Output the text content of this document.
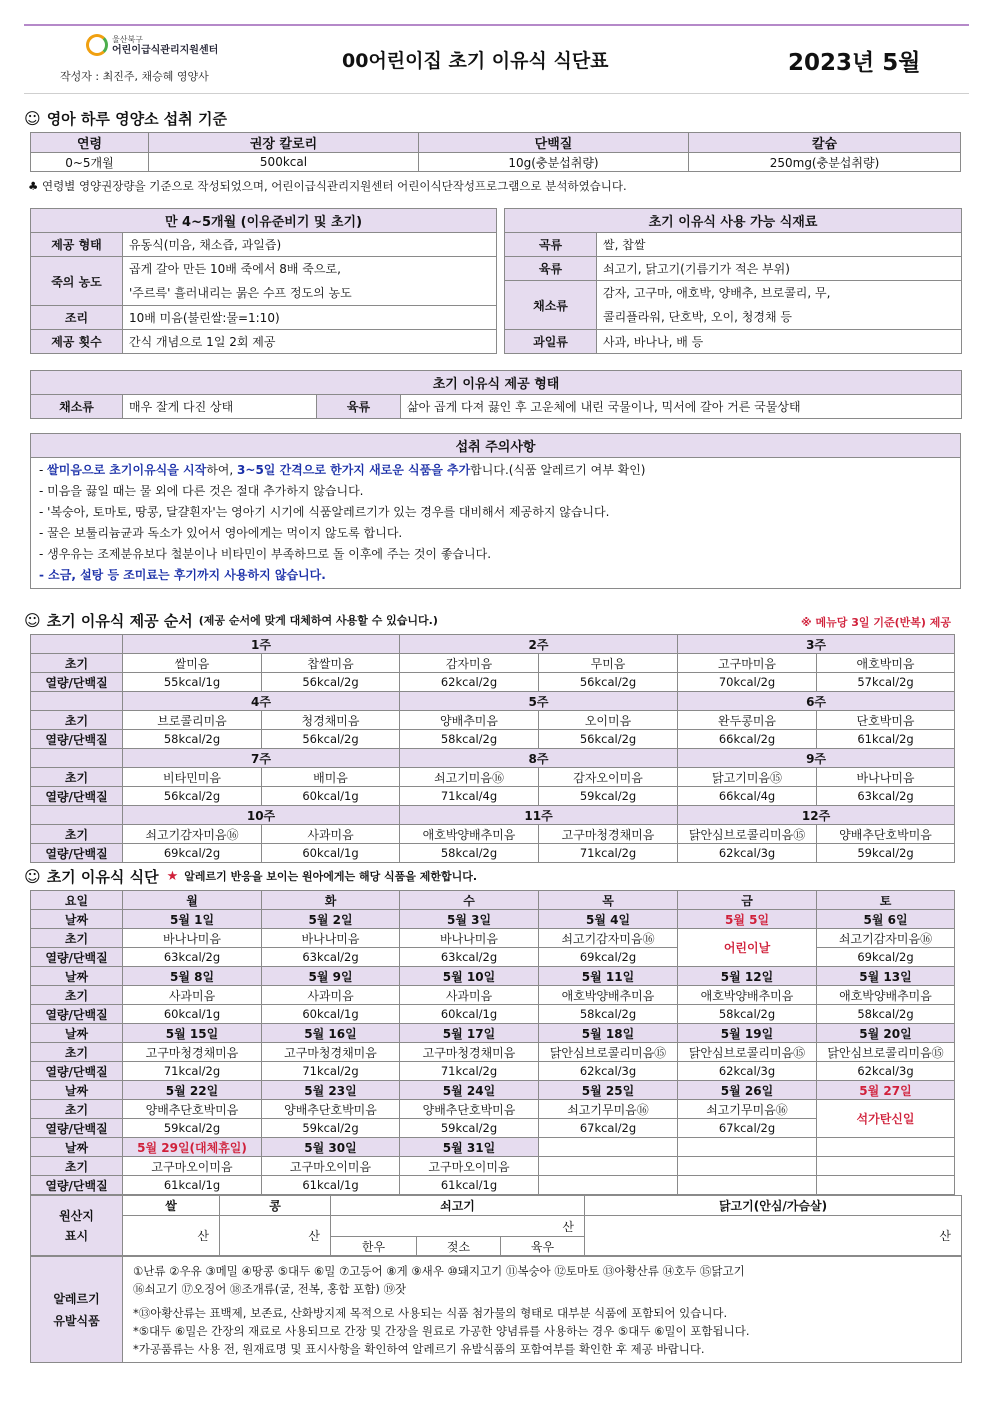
울산북구
어린이급식관리지원센터
작성자 : 최진주, 채승혜 영양사
00어린이집 초기 이유식 식단표	2023년 5월
☺ 영아 하루 영양소 섭취 기준
연령	권장 칼로리	단백질	칼슘
0~5개월	500kcal	10g(충분섭취량)	250mg(충분섭취량)
♣ 연령별 영양권장량을 기준으로 작성되었으며, 어린이급식관리지원센터 어린이식단작성프로그램으로 분석하였습니다.
만 4~5개월 (이유준비기 및 초기)	
제공 형태	유동식(미음, 채소즙, 과일즙)
죽의 농도	곱게 갈아 만든 10배 죽에서 8배 죽으로,
'주르륵' 흘러내리는 묽은 수프 정도의 농도

조리	10배 미음(불린쌀:물=1:10)
제공 횟수	간식 개념으로 1일 2회 제공
초기 이유식 사용 가능 식재료	
곡류	쌀, 찹쌀
육류	쇠고기, 닭고기(기름기가 적은 부위)
채소류	감자, 고구마, 애호박, 양배추, 브로콜리, 무,
콜리플라워, 단호박, 오이, 청경채 등

과일류	사과, 바나나, 배 등
초기 이유식 제공 형태
채소류	매우 잘게 다진 상태	육류	삶아 곱게 다져 끓인 후 고운체에 내린 국물이나, 믹서에 갈아 거른 국물상태
섭취 주의사항

- 쌀미음으로 초기이유식을 시작하여, 3~5일 간격으로 한가지 새로운 식품을 추가합니다.(식품 알레르기 여부 확인)
- 미음을 끓일 때는 물 외에 다른 것은 절대 추가하지 않습니다.
- '복숭아, 토마토, 땅콩, 달걀흰자'는 영아기 시기에 식품알레르기가 있는 경우를 대비해서 제공하지 않습니다.
- 꿀은 보툴리늄균과 독소가 있어서 영아에게는 먹이지 않도록 합니다.
- 생우유는 조제분유보다 철분이나 비타민이 부족하므로 돌 이후에 주는 것이 좋습니다.
- 소금, 설탕 등 조미료는 후기까지 사용하지 않습니다.
☺ 초기 이유식 제공 순서 (제공 순서에 맞게 대체하여 사용할 수 있습니다.)	※ 메뉴당 3일 기준(반복) 제공
	1주		2주		3주	
초기	쌀미음	찹쌀미음	감자미음	무미음	고구마미음	애호박미음
열량/단백질	55kcal/1g	56kcal/2g	62kcal/2g	56kcal/2g	70kcal/2g	57kcal/2g
	4주		5주		6주	
초기	브로콜리미음	청경채미음	양배추미음	오이미음	완두콩미음	단호박미음
열량/단백질	58kcal/2g	56kcal/2g	58kcal/2g	56kcal/2g	66kcal/2g	61kcal/2g
	7주		8주		9주	
초기	비타민미음	배미음	쇠고기미음⑯	감자오이미음	닭고기미음⑮	바나나미음
열량/단백질	56kcal/2g	60kcal/1g	71kcal/4g	59kcal/2g	66kcal/4g	63kcal/2g
	10주		11주		12주	
초기	쇠고기감자미음⑯	사과미음	애호박양배추미음	고구마청경채미음	닭안심브로콜리미음⑮	양배추단호박미음
열량/단백질	69kcal/2g	60kcal/1g	58kcal/2g	71kcal/2g	62kcal/3g	59kcal/2g
☺ 초기 이유식 식단 ★ 알레르기 반응을 보이는 원아에게는 해당 식품을 제한합니다.
요일	월	화	수	목	금	토
날짜	5월 1일	5월 2일	5월 3일	5월 4일	5월 5일	5월 6일
초기	바나나미음	바나나미음	바나나미음	쇠고기감자미음⑯	어린이날	쇠고기감자미음⑯
열량/단백질	63kcal/2g	63kcal/2g	63kcal/2g	69kcal/2g		69kcal/2g
날짜	5월 8일	5월 9일	5월 10일	5월 11일	5월 12일	5월 13일
초기	사과미음	사과미음	사과미음	애호박양배추미음	애호박양배추미음	애호박양배추미음
열량/단백질	60kcal/1g	60kcal/1g	60kcal/1g	58kcal/2g	58kcal/2g	58kcal/2g
날짜	5월 15일	5월 16일	5월 17일	5월 18일	5월 19일	5월 20일
초기	고구마청경채미음	고구마청경채미음	고구마청경채미음	닭안심브로콜리미음⑮	닭안심브로콜리미음⑮	닭안심브로콜리미음⑮
열량/단백질	71kcal/2g	71kcal/2g	71kcal/2g	62kcal/3g	62kcal/3g	62kcal/3g
날짜	5월 22일	5월 23일	5월 24일	5월 25일	5월 26일	5월 27일
초기	양배추단호박미음	양배추단호박미음	양배추단호박미음	쇠고기무미음⑯	쇠고기무미음⑯	석가탄신일
열량/단백질	59kcal/2g	59kcal/2g	59kcal/2g	67kcal/2g	67kcal/2g	
날짜	5월 29일(대체휴일)	5월 30일	5월 31일			
초기	고구마오이미음	고구마오이미음	고구마오이미음			
열량/단백질	61kcal/1g	61kcal/1g	61kcal/1g			
원산지
표시	쌀	콩	쇠고기			닭고기(안심/가슴살)
	산	산	산			산
			한우	젖소	육우	
알레르기
유발식품

①난류 ②우유 ③메밀 ④땅콩 ⑤대두 ⑥밀 ⑦고등어 ⑧게 ⑨새우 ⑩돼지고기 ⑪복숭아 ⑫토마토 ⑬아황산류 ⑭호두 ⑮닭고기
⑯쇠고기 ⑰오징어 ⑱조개류(굴, 전복, 홍합 포함) ⑲잣
*⑬아황산류는 표백제, 보존료, 산화방지제 목적으로 사용되는 식품 첨가물의 형태로 대부분 식품에 포함되어 있습니다.
*⑤대두 ⑥밀은 간장의 재료로 사용되므로 간장 및 간장을 원료로 가공한 양념류를 사용하는 경우 ⑤대두 ⑥밀이 포함됩니다.
*가공품류는 사용 전, 원재료명 및 표시사항을 확인하여 알레르기 유발식품의 포함여부를 확인한 후 제공 바랍니다.
